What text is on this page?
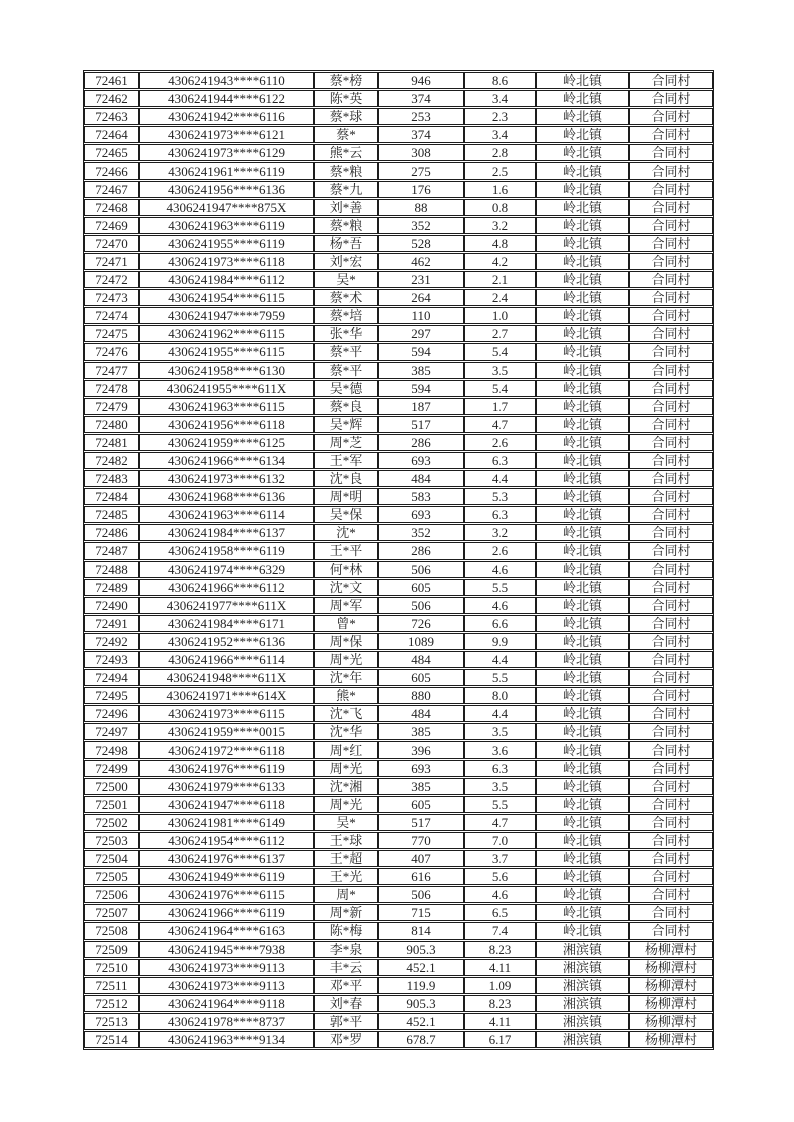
72461	4306241943****6110	蔡*榜	946	8.6	岭北镇	合同村
72462	4306241944****6122	陈*英	374	3.4	岭北镇	合同村
72463	4306241942****6116	蔡*球	253	2.3	岭北镇	合同村
72464	4306241973****6121	蔡*	374	3.4	岭北镇	合同村
72465	4306241973****6129	熊*云	308	2.8	岭北镇	合同村
72466	4306241961****6119	蔡*粮	275	2.5	岭北镇	合同村
72467	4306241956****6136	蔡*九	176	1.6	岭北镇	合同村
72468	4306241947****875X	刘*善	88	0.8	岭北镇	合同村
72469	4306241963****6119	蔡*粮	352	3.2	岭北镇	合同村
72470	4306241955****6119	杨*吾	528	4.8	岭北镇	合同村
72471	4306241973****6118	刘*宏	462	4.2	岭北镇	合同村
72472	4306241984****6112	吴*	231	2.1	岭北镇	合同村
72473	4306241954****6115	蔡*术	264	2.4	岭北镇	合同村
72474	4306241947****7959	蔡*培	110	1.0	岭北镇	合同村
72475	4306241962****6115	张*华	297	2.7	岭北镇	合同村
72476	4306241955****6115	蔡*平	594	5.4	岭北镇	合同村
72477	4306241958****6130	蔡*平	385	3.5	岭北镇	合同村
72478	4306241955****611X	吴*德	594	5.4	岭北镇	合同村
72479	4306241963****6115	蔡*良	187	1.7	岭北镇	合同村
72480	4306241956****6118	吴*辉	517	4.7	岭北镇	合同村
72481	4306241959****6125	周*芝	286	2.6	岭北镇	合同村
72482	4306241966****6134	王*军	693	6.3	岭北镇	合同村
72483	4306241973****6132	沈*良	484	4.4	岭北镇	合同村
72484	4306241968****6136	周*明	583	5.3	岭北镇	合同村
72485	4306241963****6114	吴*保	693	6.3	岭北镇	合同村
72486	4306241984****6137	沈*	352	3.2	岭北镇	合同村
72487	4306241958****6119	王*平	286	2.6	岭北镇	合同村
72488	4306241974****6329	何*林	506	4.6	岭北镇	合同村
72489	4306241966****6112	沈*文	605	5.5	岭北镇	合同村
72490	4306241977****611X	周*军	506	4.6	岭北镇	合同村
72491	4306241984****6171	曾*	726	6.6	岭北镇	合同村
72492	4306241952****6136	周*保	1089	9.9	岭北镇	合同村
72493	4306241966****6114	周*光	484	4.4	岭北镇	合同村
72494	4306241948****611X	沈*年	605	5.5	岭北镇	合同村
72495	4306241971****614X	熊*	880	8.0	岭北镇	合同村
72496	4306241973****6115	沈*飞	484	4.4	岭北镇	合同村
72497	4306241959****0015	沈*华	385	3.5	岭北镇	合同村
72498	4306241972****6118	周*红	396	3.6	岭北镇	合同村
72499	4306241976****6119	周*光	693	6.3	岭北镇	合同村
72500	4306241979****6133	沈*湘	385	3.5	岭北镇	合同村
72501	4306241947****6118	周*光	605	5.5	岭北镇	合同村
72502	4306241981****6149	吴*	517	4.7	岭北镇	合同村
72503	4306241954****6112	王*球	770	7.0	岭北镇	合同村
72504	4306241976****6137	王*超	407	3.7	岭北镇	合同村
72505	4306241949****6119	王*光	616	5.6	岭北镇	合同村
72506	4306241976****6115	周*	506	4.6	岭北镇	合同村
72507	4306241966****6119	周*新	715	6.5	岭北镇	合同村
72508	4306241964****6163	陈*梅	814	7.4	岭北镇	合同村
72509	4306241945****7938	李*泉	905.3	8.23	湘滨镇	杨柳潭村
72510	4306241973****9113	丰*云	452.1	4.11	湘滨镇	杨柳潭村
72511	4306241973****9113	邓*平	119.9	1.09	湘滨镇	杨柳潭村
72512	4306241964****9118	刘*春	905.3	8.23	湘滨镇	杨柳潭村
72513	4306241978****8737	郭*平	452.1	4.11	湘滨镇	杨柳潭村
72514	4306241963****9134	邓*罗	678.7	6.17	湘滨镇	杨柳潭村
